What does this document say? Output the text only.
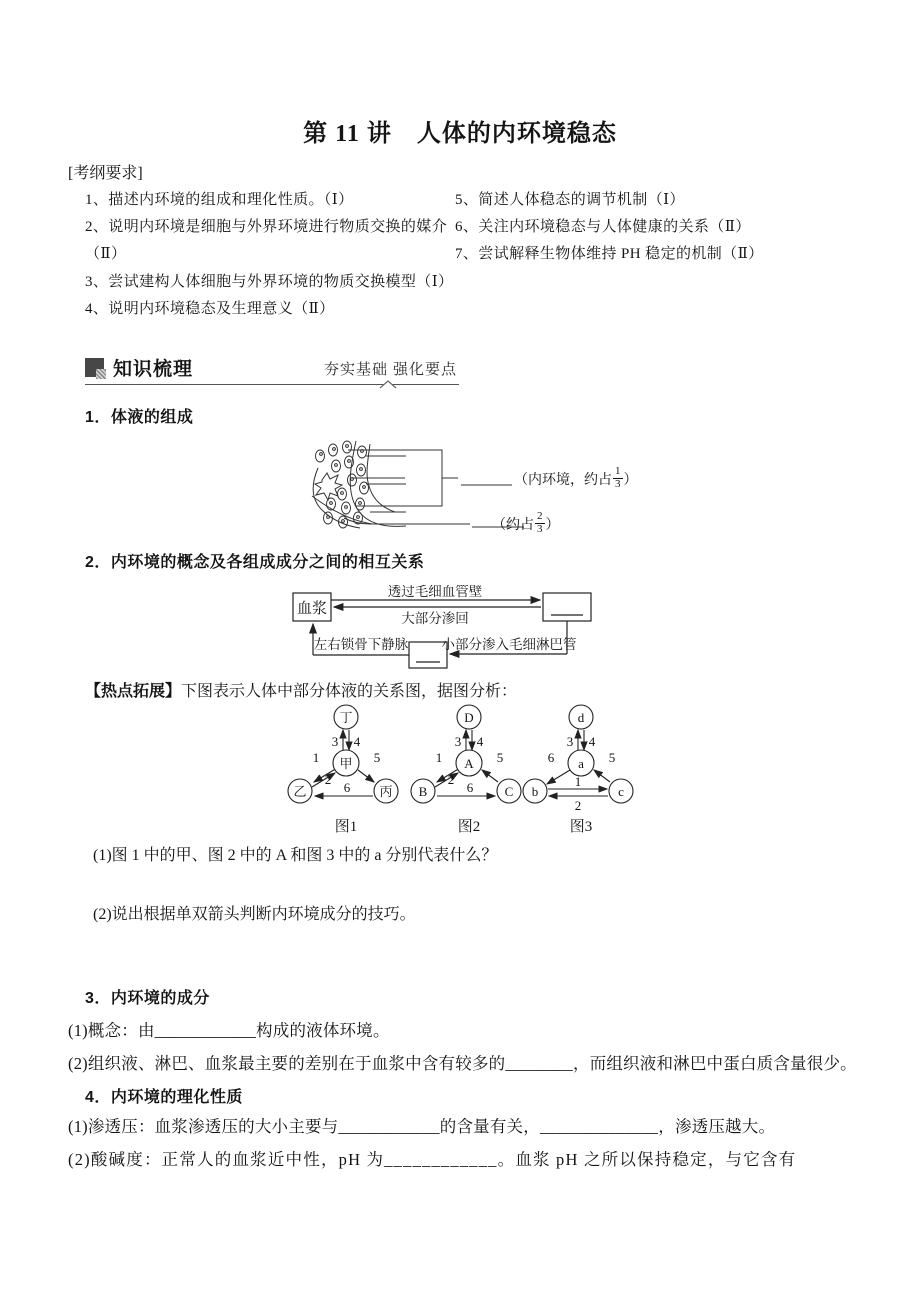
第 11 讲　人体的内环境稳态
[考纲要求]
1、描述内环境的组成和理化性质。（Ⅰ）
2、说明内环境是细胞与外界环境进行物质交换的媒介
（Ⅱ）
3、尝试建构人体细胞与外界环境的物质交换模型（Ⅰ）
4、说明内环境稳态及生理意义（Ⅱ）
5、简述人体稳态的调节机制（Ⅰ）
6、关注内环境稳态与人体健康的关系（Ⅱ）
7、尝试解释生物体维持 PH 稳定的机制（Ⅱ）
知识梳理	夯实基础 强化要点
1．体液的组成
（内环境，约占 $\frac{1}{3}$ ）
（约占 $\frac{2}{3}$ ）
2．内环境的概念及各组成成分之间的相互关系
血浆
透过毛细血管壁
大部分渗回
小部分渗入毛细淋巴管
左右锁骨下静脉
【热点拓展】下图表示人体中部分体液的关系图，据图分析：
丁
甲
乙	丙
1
2
3 4
5
6
图1
D
A
B	C
1
2
3 4
5
6
图2
d
a
b	c
1
2
3 4
5
6
图3
(1)图 1 中的甲、图 2 中的 A 和图 3 中的 a 分别代表什么？
(2)说出根据单双箭头判断内环境成分的技巧。
3．内环境的成分
(1)概念：由____________构成的液体环境。
(2)组织液、淋巴、血浆最主要的差别在于血浆中含有较多的________，而组织液和淋巴中蛋白质含量很少。
4．内环境的理化性质
(1)渗透压：血浆渗透压的大小主要与____________的含量有关，______________，渗透压越大。
(2)酸碱度：正常人的血浆近中性，pH 为____________。血浆 pH 之所以保持稳定，与它含有
